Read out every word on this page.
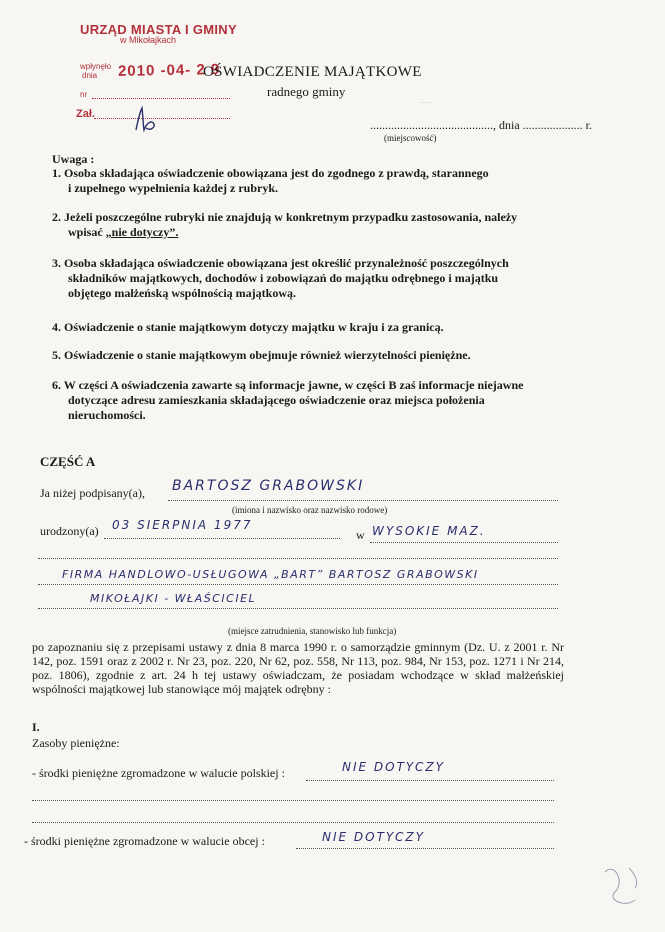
—
URZĄD MIASTA I GMINY
w Mikołajkach
wpłynęło
dnia 2010 -04- 2 9
nr
Zał.
OŚWIADCZENIE MAJĄTKOWE
radnego gminy
........................................., dnia .................... r.
(miejscowość)
Uwaga :
1. Osoba składająca oświadczenie obowiązana jest do zgodnego z prawdą, starannego
i zupełnego wypełnienia każdej z rubryk.
2. Jeżeli poszczególne rubryki nie znajdują w konkretnym przypadku zastosowania, należy
wpisać „nie dotyczy”.
3. Osoba składająca oświadczenie obowiązana jest określić przynależność poszczególnych
składników majątkowych, dochodów i zobowiązań do majątku odrębnego i majątku
objętego małżeńską wspólnością majątkową.
4. Oświadczenie o stanie majątkowym dotyczy majątku w kraju i za granicą.
5. Oświadczenie o stanie majątkowym obejmuje również wierzytelności pieniężne.
6. W części A oświadczenia zawarte są informacje jawne, w części B zaś informacje niejawne
dotyczące adresu zamieszkania składającego oświadczenie oraz miejsca położenia
nieruchomości.
CZĘŚĆ A
Ja niżej podpisany(a), BARTOSZ GRABOWSKI
(imiona i nazwisko oraz nazwisko rodowe)
urodzony(a) 03 SIERPNIA 1977
w WYSOKIE MAZ.
FIRMA HANDLOWO-USŁUGOWA „BART” BARTOSZ GRABOWSKI
MIKOŁAJKI - WŁAŚCICIEL
(miejsce zatrudnienia, stanowisko lub funkcja)
po zapoznaniu się z przepisami ustawy z dnia 8 marca 1990 r. o samorządzie gminnym (Dz. U. z 2001 r. Nr 142, poz. 1591 oraz z 2002 r. Nr 23, poz. 220, Nr 62, poz. 558, Nr 113, poz. 984, Nr 153, poz. 1271 i Nr 214, poz. 1806), zgodnie z art. 24 h tej ustawy oświadczam, że posiadam wchodzące w skład małżeńskiej wspólności majątkowej lub stanowiące mój majątek odrębny :
I.
Zasoby pieniężne:
- środki pieniężne zgromadzone w walucie polskiej :	NIE DOTYCZY
- środki pieniężne zgromadzone w walucie obcej :	NIE DOTYCZY
